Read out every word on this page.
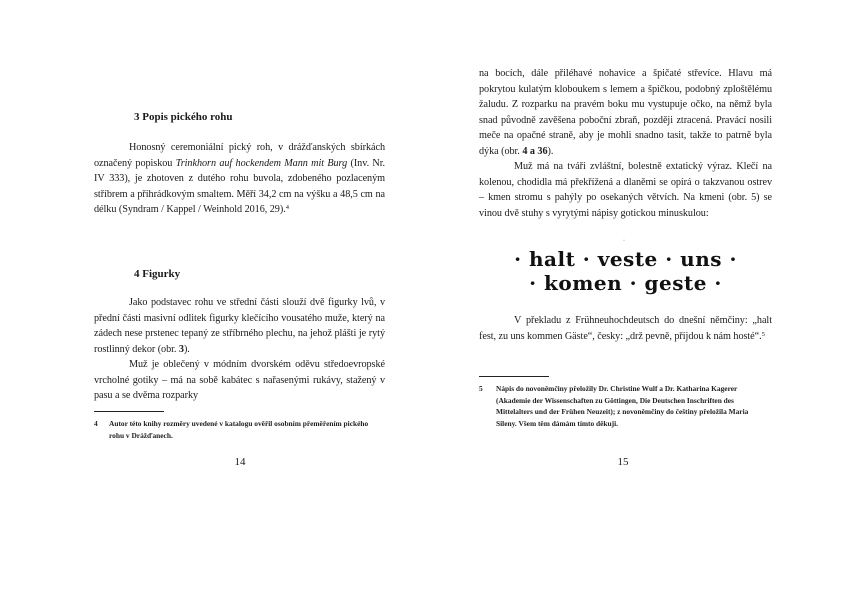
3 Popis pického rohu

Honosný ceremoniální pický roh, v drážďanských sbírkách označený popiskou Trinkhorn auf hockendem Mann mit Burg (Inv. Nr. IV 333), je zhotoven z dutého rohu buvola, zdobeného pozlaceným stříbrem a přihrádkovým smaltem. Měří 34,2 cm na výšku a 48,5 cm na délku (Syndram / Kappel / Weinhold 2016, 29).$^4$

4 Figurky

Jako podstavec rohu ve střední části slouží dvě figurky lvů, v přední části masivní odlitek figurky klečícího vousatého muže, který na zádech nese prstenec tepaný ze stříbrného plechu, na jehož plášti je rytý rostlinný dekor (obr. 3).

Muž je oblečený v módním dvorském oděvu středoevropské vrcholné gotiky – má na sobě kabátec s nařasenými rukávy, stažený v pasu a se dvěma rozparky

4 Autor této knihy rozměry uvedené v katalogu ověřil osobním přeměřením pického rohu v Drážďanech.
14

na bocích, dále přiléhavé nohavice a špičaté střevíce. Hlavu má pokrytou kulatým kloboukem s lemem a špičkou, podobný zploštělému žaludu. Z rozparku na pravém boku mu vystupuje očko, na němž byla snad původně zavěšena poboční zbraň, později ztracená. Pravácí nosili meče na opačné straně, aby je mohli snadno tasit, takže to patrně byla dýka (obr. 4 a 36).

Muž má na tváři zvláštní, bolestně extatický výraz. Klečí na kolenou, chodidla má překřížená a dlaněmi se opírá o takzvanou ostrev – kmen stromu s pahýly po osekaných větvích. Na kmeni (obr. 5) se vinou dvě stuhy s vyrytými nápisy gotickou minuskulou:

·
· halt · veste · uns ·
· komen · geste ·

V překladu z Frühneuhochdeutsch do dnešní němčiny: „halt fest, zu uns kommen Gäste“, česky: „drž pevně, přijdou k nám hosté“.$^5$

5 Nápis do novoněmčiny přeložily Dr. Christine Wulf a Dr. Katharina Kagerer (Akademie der Wissenschaften zu Göttingen, Die Deutschen Inschriften des Mittelalters und der Frühen Neuzeit); z novoněmčiny do češtiny přeložila Maria Sileny. Všem těm dámám tímto děkuji.
15
